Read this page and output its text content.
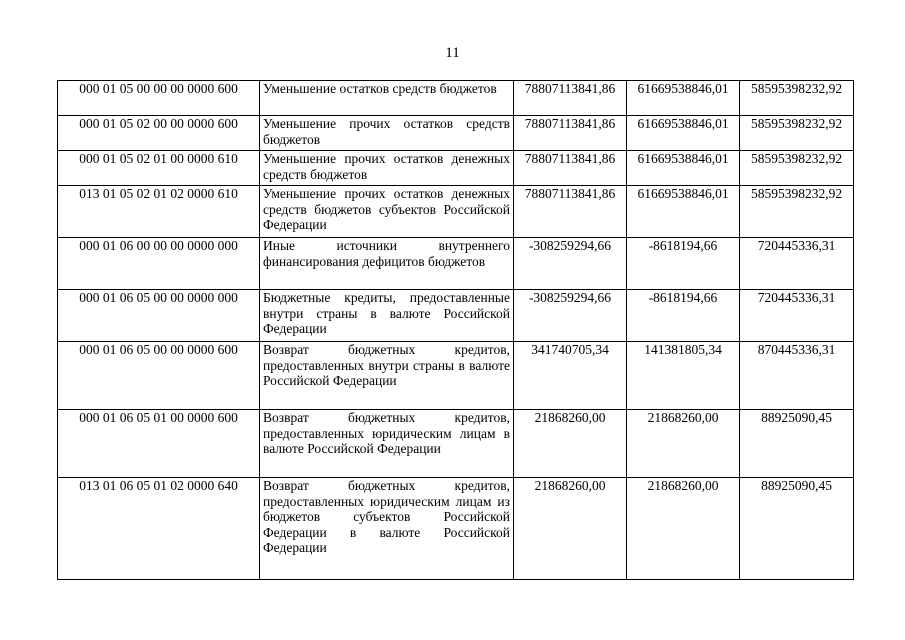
11
000 01 05 00 00 00 0000 600	Уменьшение остатков средств бюджетов	78807113841,86	61669538846,01	58595398232,92
000 01 05 02 00 00 0000 600	Уменьшение прочих остатков средств бюджетов	78807113841,86	61669538846,01	58595398232,92
000 01 05 02 01 00 0000 610	Уменьшение прочих остатков денежных средств бюджетов	78807113841,86	61669538846,01	58595398232,92
013 01 05 02 01 02 0000 610	Уменьшение прочих остатков денежных средств бюджетов субъектов Российской Федерации	78807113841,86	61669538846,01	58595398232,92
000 01 06 00 00 00 0000 000	Иные источники внутреннего финансирования дефицитов бюджетов	-308259294,66	-8618194,66	720445336,31
000 01 06 05 00 00 0000 000	Бюджетные кредиты, предоставленные внутри страны в валюте Российской Федерации	-308259294,66	-8618194,66	720445336,31
000 01 06 05 00 00 0000 600	Возврат бюджетных кредитов, предоставленных внутри страны в валюте Российской Федерации	341740705,34	141381805,34	870445336,31
000 01 06 05 01 00 0000 600	Возврат бюджетных кредитов, предоставленных юридическим лицам в валюте Российской Федерации	21868260,00	21868260,00	88925090,45
013 01 06 05 01 02 0000 640	Возврат бюджетных кредитов, предоставленных юридическим лицам из бюджетов субъектов Российской Федерации в валюте Российской Федерации	21868260,00	21868260,00	88925090,45
